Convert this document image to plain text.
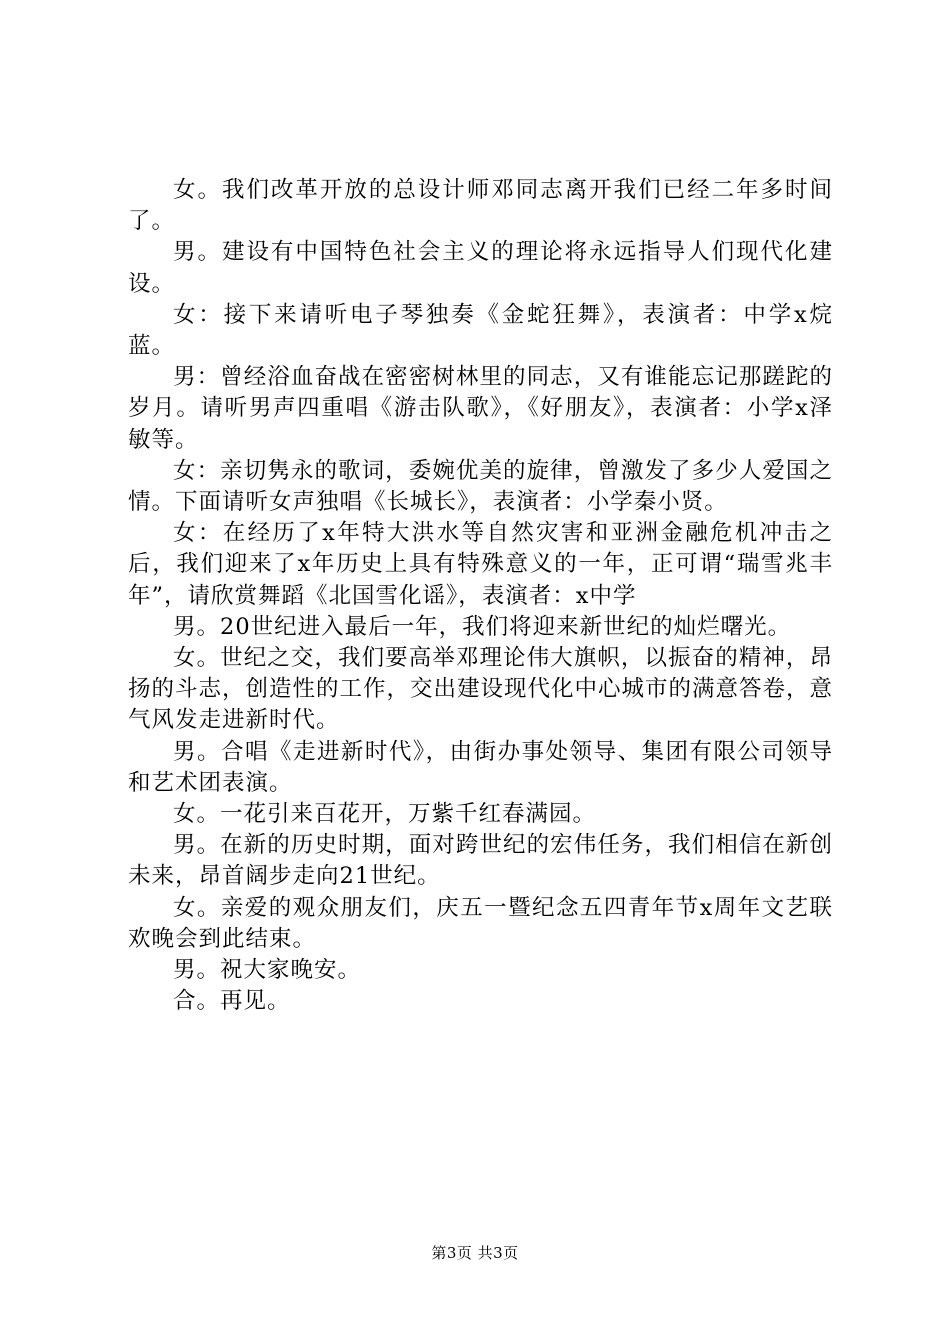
女。我们改革开放的总设计师邓同志离开我们已经二年多时间了。

男。建设有中国特色社会主义的理论将永远指导人们现代化建设。

女：接下来请听电子琴独奏《金蛇狂舞》，表演者：中学x烷蓝。

男：曾经浴血奋战在密密树林里的同志，又有谁能忘记那蹉跎的岁月。请听男声四重唱《游击队歌》，《好朋友》，表演者：小学x泽敏等。

女：亲切隽永的歌词，委婉优美的旋律，曾激发了多少人爱国之情。下面请听女声独唱《长城长》，表演者：小学秦小贤。

女：在经历了x年特大洪水等自然灾害和亚洲金融危机冲击之后，我们迎来了x年历史上具有特殊意义的一年，正可谓“瑞雪兆丰年”，请欣赏舞蹈《北国雪化谣》，表演者：x中学

男。20世纪进入最后一年，我们将迎来新世纪的灿烂曙光。

女。世纪之交，我们要高举邓理论伟大旗帜，以振奋的精神，昂扬的斗志，创造性的工作，交出建设现代化中心城市的满意答卷，意气风发走进新时代。

男。合唱《走进新时代》，由街办事处领导、集团有限公司领导和艺术团表演。

女。一花引来百花开，万紫千红春满园。

男。在新的历史时期，面对跨世纪的宏伟任务，我们相信在新创未来，昂首阔步走向21世纪。

女。亲爱的观众朋友们，庆五一暨纪念五四青年节x周年文艺联欢晚会到此结束。

男。祝大家晚安。

合。再见。

第3页 共3页
